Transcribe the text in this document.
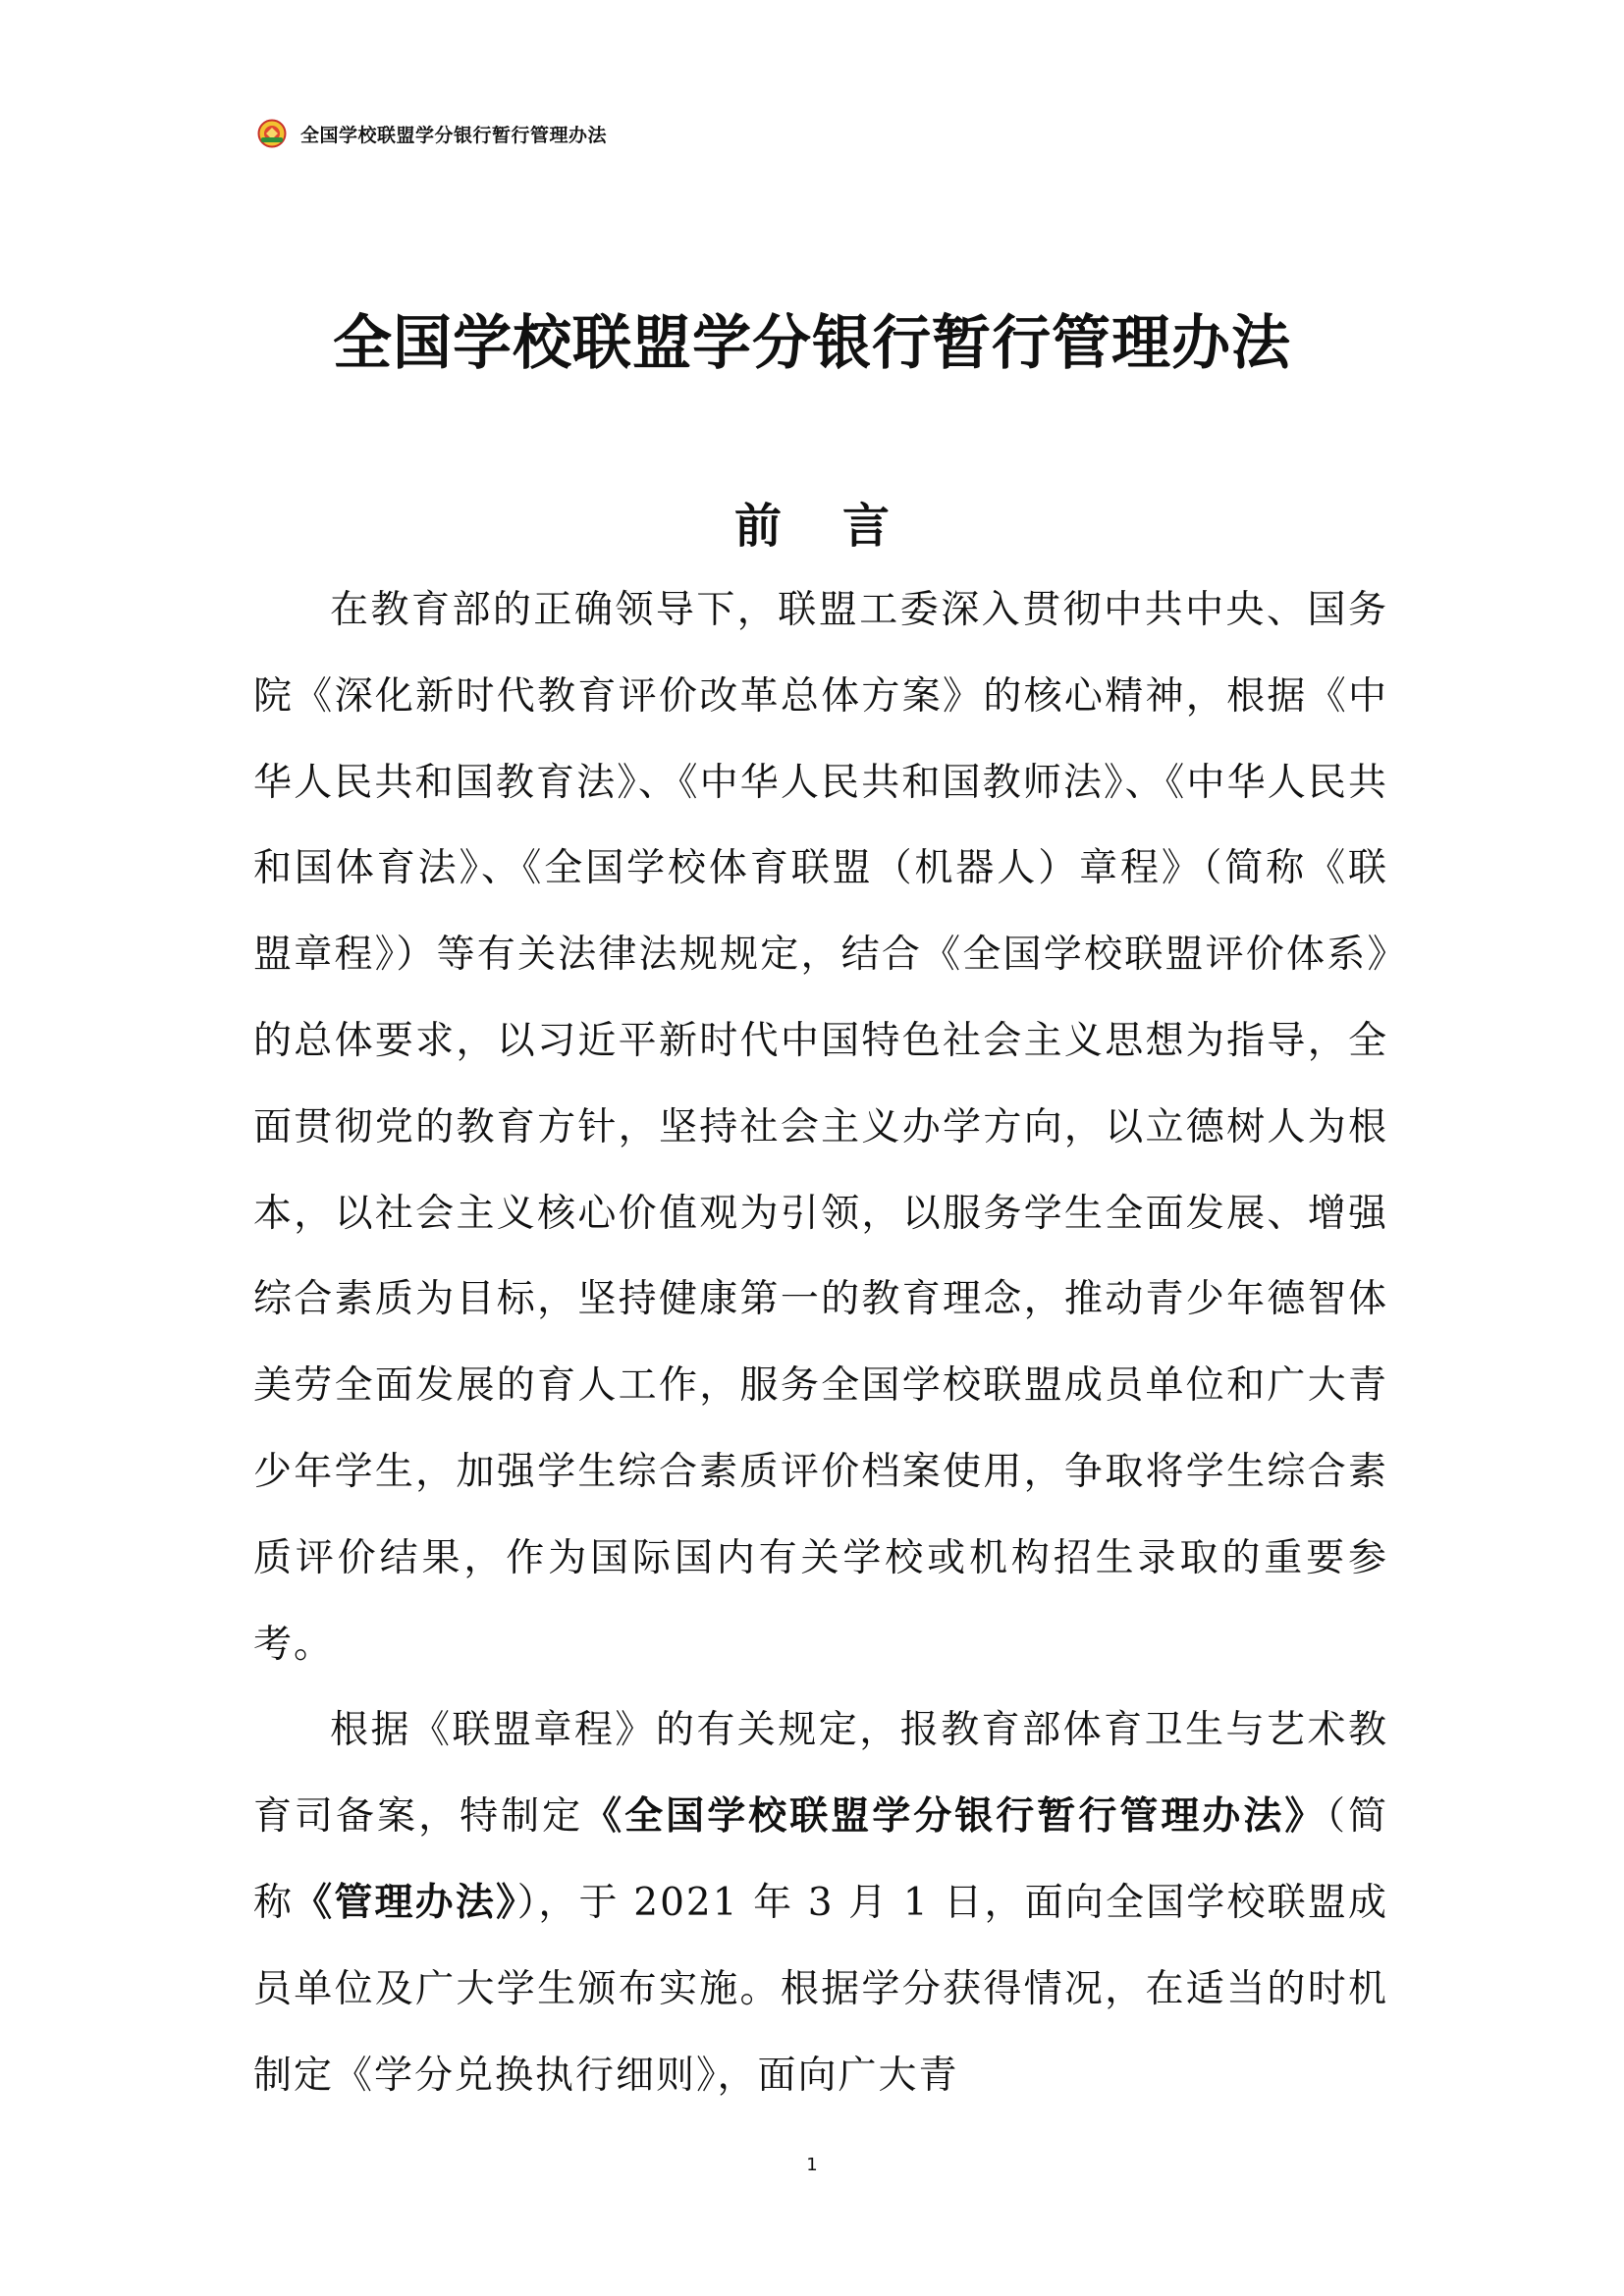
全国学校联盟学分银行暂行管理办法
全国学校联盟学分银行暂行管理办法
前 言

在教育部的正确领导下，联盟工委深入贯彻中共中央、国务院《深化新时代教育评价改革总体方案》的核心精神，根据《中华人民共和国教育法》、《中华人民共和国教师法》、《中华人民共和国体育法》、《全国学校体育联盟（机器人）章程》（简称《联盟章程》）等有关法律法规规定，结合《全国学校联盟评价体系》的总体要求，以习近平新时代中国特色社会主义思想为指导，全面贯彻党的教育方针，坚持社会主义办学方向，以立德树人为根本，以社会主义核心价值观为引领，以服务学生全面发展、增强综合素质为目标，坚持健康第一的教育理念，推动青少年德智体美劳全面发展的育人工作，服务全国学校联盟成员单位和广大青少年学生，加强学生综合素质评价档案使用，争取将学生综合素质评价结果，作为国际国内有关学校或机构招生录取的重要参考。

根据《联盟章程》的有关规定，报教育部体育卫生与艺术教育司备案，特制定《全国学校联盟学分银行暂行管理办法》（简称《管理办法》），于 2021 年 3 月 1 日，面向全国学校联盟成员单位及广大学生颁布实施。根据学分获得情况，在适当的时机制定《学分兑换执行细则》，面向广大青

1
